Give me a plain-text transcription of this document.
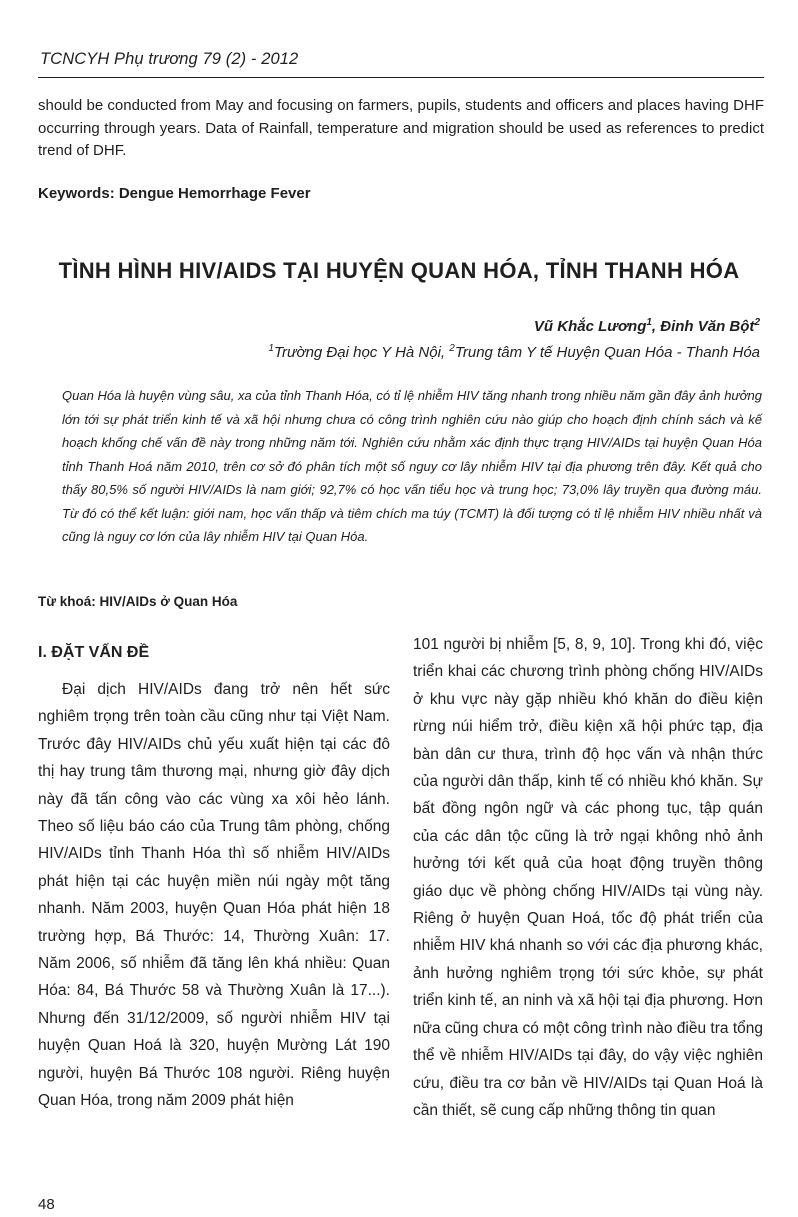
TCNCYH Phụ trương 79 (2) - 2012
should be conducted from May and focusing on farmers, pupils, students and officers and places having DHF occurring through years. Data of Rainfall, temperature and migration should be used as references to predict trend of DHF.
Keywords: Dengue Hemorrhage Fever
TÌNH HÌNH HIV/AIDS TẠI HUYỆN QUAN HÓA, TỈNH THANH HÓA
Vũ Khắc Lương$^1$, Đinh Văn Bột$^2$
$^1$Trường Đại học Y Hà Nội, $^2$Trung tâm Y tế Huyện Quan Hóa - Thanh Hóa
Quan Hóa là huyện vùng sâu, xa của tỉnh Thanh Hóa, có tỉ lệ nhiễm HIV tăng nhanh trong nhiều năm gần đây ảnh hưởng lớn tới sự phát triển kinh tế và xã hội nhưng chưa có công trình nghiên cứu nào giúp cho hoạch định chính sách và kế hoạch khống chế vấn đề này trong những năm tới. Nghiên cứu nhằm xác định thực trạng HIV/AIDs tại huyện Quan Hóa tỉnh Thanh Hoá năm 2010, trên cơ sở đó phân tích một số nguy cơ lây nhiễm HIV tại địa phương trên đây. Kết quả cho thấy 80,5% số người HIV/AIDs là nam giới; 92,7% có học vấn tiểu học và trung học; 73,0% lây truyền qua đường máu. Từ đó có thể kết luận: giới nam, học vấn thấp và tiêm chích ma túy (TCMT) là đối tượng có tỉ lệ nhiễm HIV nhiều nhất và cũng là nguy cơ lớn của lây nhiễm HIV tại Quan Hóa.
Từ khoá: HIV/AIDs ở Quan Hóa
I. ĐẶT VẤN ĐỀ

Đại dịch HIV/AIDs đang trở nên hết sức nghiêm trọng trên toàn cầu cũng như tại Việt Nam. Trước đây HIV/AIDs chủ yếu xuất hiện tại các đô thị hay trung tâm thương mại, nhưng giờ đây dịch này đã tấn công vào các vùng xa xôi hẻo lánh. Theo số liệu báo cáo của Trung tâm phòng, chống HIV/AIDs tỉnh Thanh Hóa thì số nhiễm HIV/AIDs phát hiện tại các huyện miền núi ngày một tăng nhanh. Năm 2003, huyện Quan Hóa phát hiện 18 trường hợp, Bá Thước: 14, Thường Xuân: 17. Năm 2006, số nhiễm đã tăng lên khá nhiều: Quan Hóa: 84, Bá Thước 58 và Thường Xuân là 17...). Nhưng đến 31/12/2009, số người nhiễm HIV tại huyện Quan Hoá là 320, huyện Mường Lát 190 người, huyện Bá Thước 108 người. Riêng huyện Quan Hóa, trong năm 2009 phát hiện

101 người bị nhiễm [5, 8, 9, 10]. Trong khi đó, việc triển khai các chương trình phòng chống HIV/AIDs ở khu vực này gặp nhiều khó khăn do điều kiện rừng núi hiểm trở, điều kiện xã hội phức tạp, địa bàn dân cư thưa, trình độ học vấn và nhận thức của người dân thấp, kinh tế có nhiều khó khăn. Sự bất đồng ngôn ngữ và các phong tục, tập quán của các dân tộc cũng là trở ngại không nhỏ ảnh hưởng tới kết quả của hoạt động truyền thông giáo dục về phòng chống HIV/AIDs tại vùng này. Riêng ở huyện Quan Hoá, tốc độ phát triển của nhiễm HIV khá nhanh so với các địa phương khác, ảnh hưởng nghiêm trọng tới sức khỏe, sự phát triển kinh tế, an ninh và xã hội tại địa phương. Hơn nữa cũng chưa có một công trình nào điều tra tổng thể về nhiễm HIV/AIDs tại đây, do vậy việc nghiên cứu, điều tra cơ bản về HIV/AIDs tại Quan Hoá là cần thiết, sẽ cung cấp những thông tin quan

48
